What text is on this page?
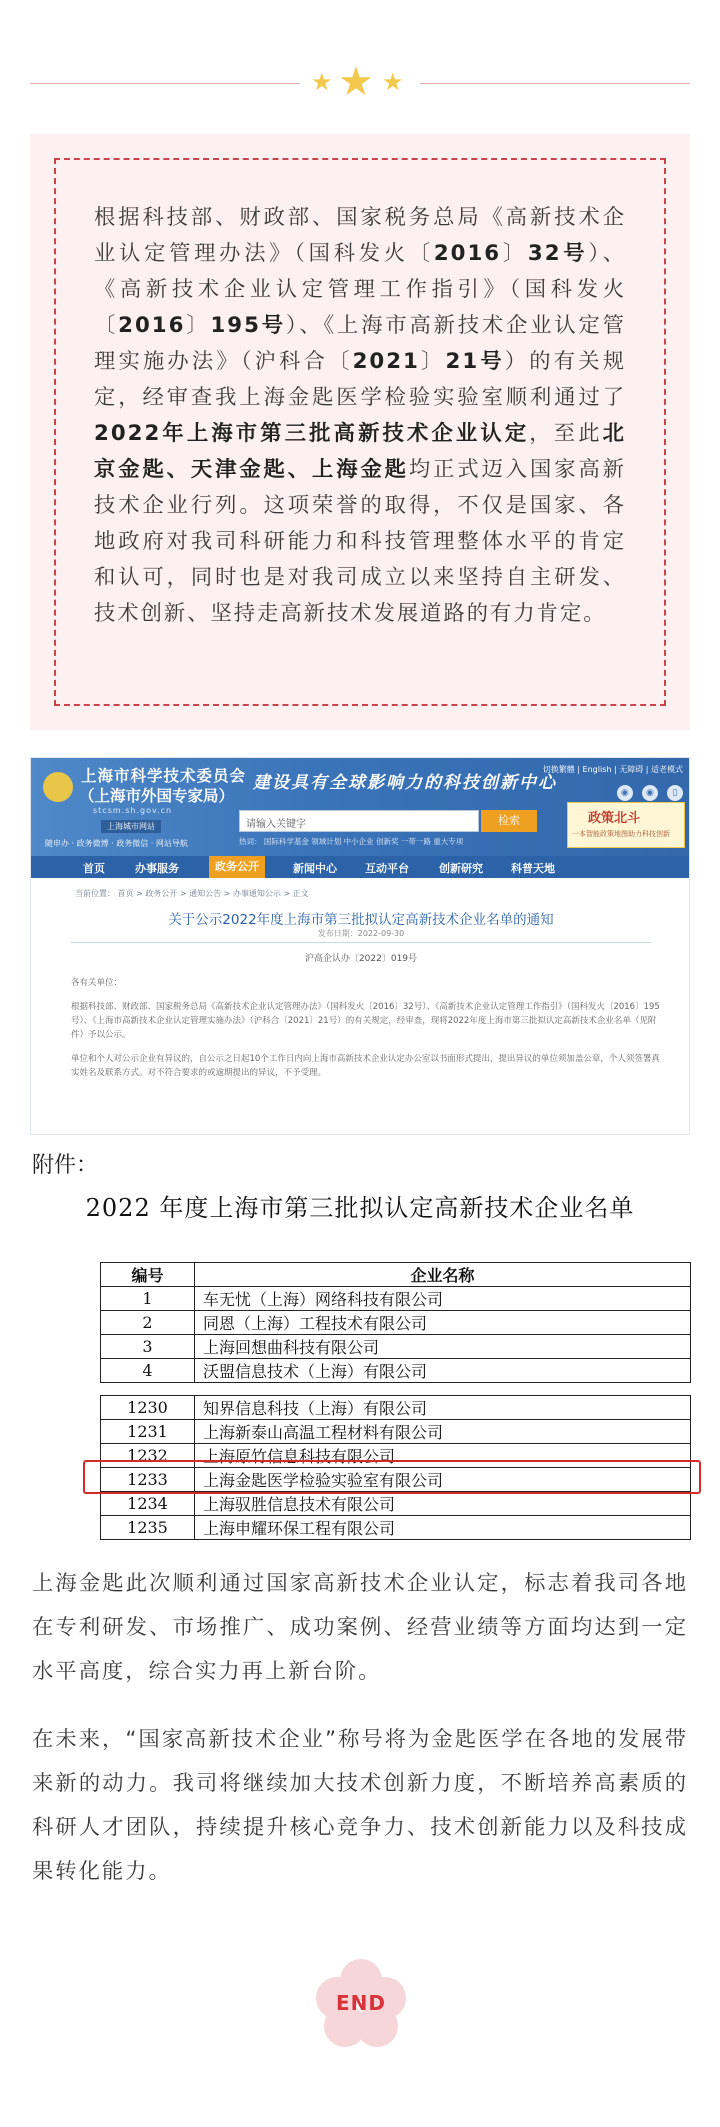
★ ★ ★

根据科技部、财政部、国家税务总局《高新技术企业认定管理办法》（国科发火〔2016〕32号）、《高新技术企业认定管理工作指引》（国科发火〔2016〕195号）、《上海市高新技术企业认定管理实施办法》（沪科合〔2021〕21号）的有关规定，经审查我上海金匙医学检验实验室顺利通过了2022年上海市第三批高新技术企业认定，至此北京金匙、天津金匙、上海金匙均正式迈入国家高新技术企业行列。这项荣誉的取得，不仅是国家、各地政府对我司科研能力和科技管理整体水平的肯定和认可，同时也是对我司成立以来坚持自主研发、技术创新、坚持走高新技术发展道路的有力肯定。

上海市科学技术委员会
（上海市外国专家局）
stcsm.sh.gov.cn
上海城市网站
随申办 · 政务微博 · 政务微信 · 网站导航
建设具有全球影响力的科技创新中心
切换繁體 | English | 无障碍 | 适老模式
◉ ◉ ▯
请输入关键字	检索
热词： 国际科学基金 领域计划 中小企业 创新奖 一带一路 重大专项
政策北斗
一本智能政策地图助力科技创新
首页	办事服务	政务公开	新闻中心	互动平台	创新研究	科普天地
当前位置： 首页 > 政务公开 > 通知公告 > 办事通知公示 > 正文
关于公示2022年度上海市第三批拟认定高新技术企业名单的通知
发布日期：2022-09-30
沪高企认办〔2022〕019号

各有关单位：

根据科技部、财政部、国家税务总局《高新技术企业认定管理办法》（国科发火〔2016〕32号）、《高新技术企业认定管理工作指引》（国科发火〔2016〕195号）、《上海市高新技术企业认定管理实施办法》（沪科合〔2021〕21号）的有关规定，经审查，现将2022年度上海市第三批拟认定高新技术企业名单（见附件）予以公示。

单位和个人对公示企业有异议的，自公示之日起10个工作日内向上海市高新技术企业认定办公室以书面形式提出，提出异议的单位须加盖公章，个人须签署真实姓名及联系方式。对不符合要求的或逾期提出的异议，不予受理。

附件：
2022 年度上海市第三批拟认定高新技术企业名单
编号	企业名称
1	车无忧（上海）网络科技有限公司
2	同恩（上海）工程技术有限公司
3	上海回想曲科技有限公司
4	沃盟信息技术（上海）有限公司
1230	知界信息科技（上海）有限公司
1231	上海新泰山高温工程材料有限公司
1232	上海原竹信息科技有限公司
1233	上海金匙医学检验实验室有限公司
1234	上海驭胜信息技术有限公司
1235	上海申耀环保工程有限公司

上海金匙此次顺利通过国家高新技术企业认定，标志着我司各地在专利研发、市场推广、成功案例、经营业绩等方面均达到一定水平高度，综合实力再上新台阶。

在未来，“国家高新技术企业”称号将为金匙医学在各地的发展带来新的动力。我司将继续加大技术创新力度，不断培养高素质的科研人才团队，持续提升核心竞争力、技术创新能力以及科技成果转化能力。

END
